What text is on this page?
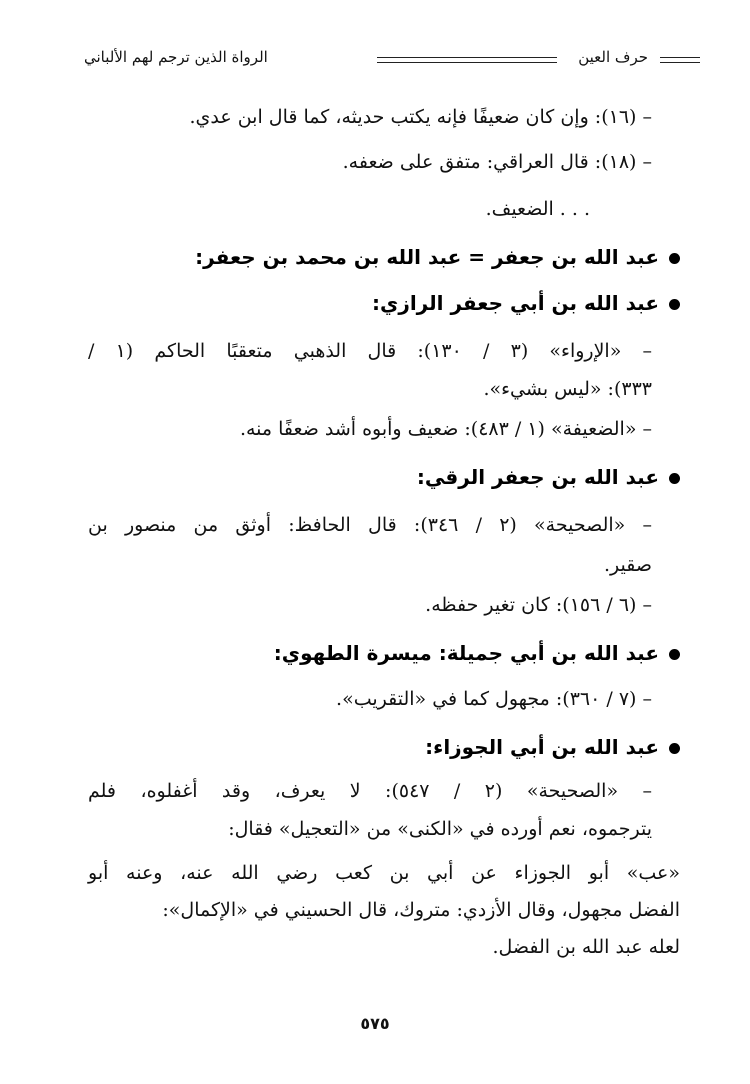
حرف العين
الرواة الذين ترجم لهم الألباني
– (١٦): وإن كان ضعيفًا فإنه يكتب حديثه، كما قال ابن عدي.
– (١٨): قال العراقي: متفق على ضعفه.
. . . الضعيف.
عبد الله بن جعفر = عبد الله بن محمد بن جعفر:
عبد الله بن أبي جعفر الرازي:
– «الإرواء» (٣ / ١٣٠): قال الذهبي متعقبًا الحاكم (١ /
٣٣٣): «ليس بشيء».
– «الضعيفة» (١ / ٤٨٣): ضعيف وأبوه أشد ضعفًا منه.
عبد الله بن جعفر الرقي:
– «الصحيحة» (٢ / ٣٤٦): قال الحافظ: أوثق من منصور بن
صقير.
– (٦ / ١٥٦): كان تغير حفظه.
عبد الله بن أبي جميلة: ميسرة الطهوي:
– (٧ / ٣٦٠): مجهول كما في «التقريب».
عبد الله بن أبي الجوزاء:
– «الصحيحة» (٢ / ٥٤٧): لا يعرف، وقد أغفلوه، فلم
يترجموه، نعم أورده في «الكنى» من «التعجيل» فقال:
«عب» أبو الجوزاء عن أبي بن كعب رضي الله عنه، وعنه أبو
الفضل مجهول، وقال الأزدي: متروك، قال الحسيني في «الإكمال»:
لعله عبد الله بن الفضل.
٥٧٥
